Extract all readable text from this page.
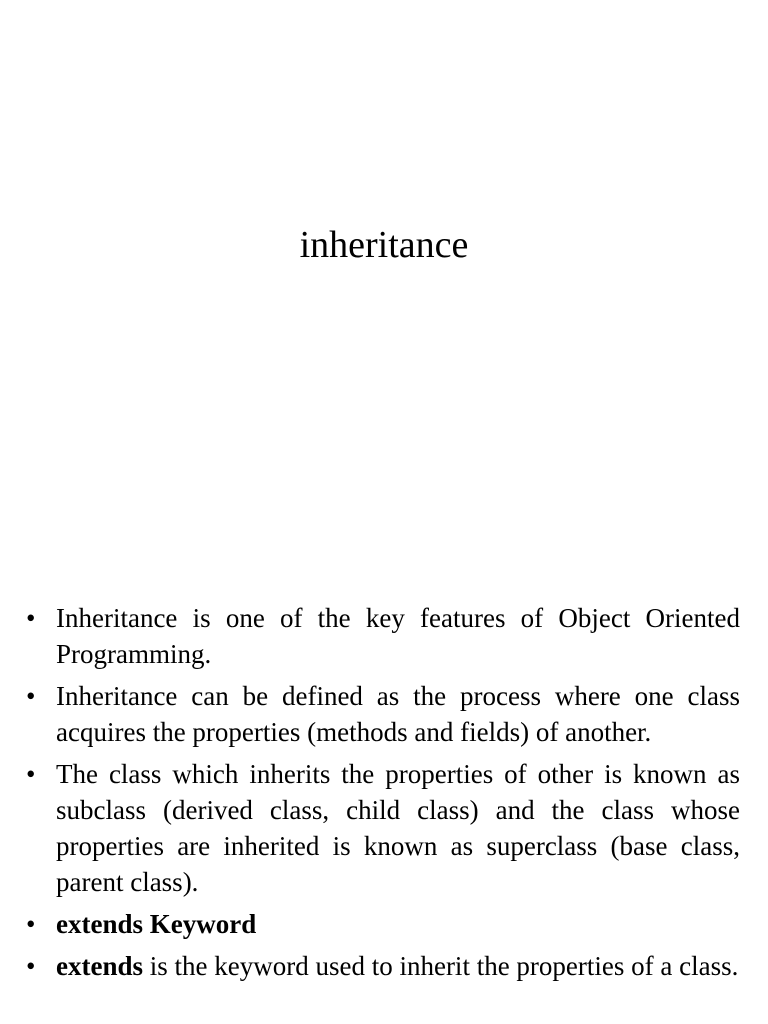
inheritance
• Inheritance is one of the key features of Object Oriented Programming.
• Inheritance can be defined as the process where one class acquires the properties (methods and fields) of another.
• The class which inherits the properties of other is known as subclass (derived class, child class) and the class whose properties are inherited is known as superclass (base class, parent class).
• extends Keyword
• extends is the keyword used to inherit the properties of a class.
